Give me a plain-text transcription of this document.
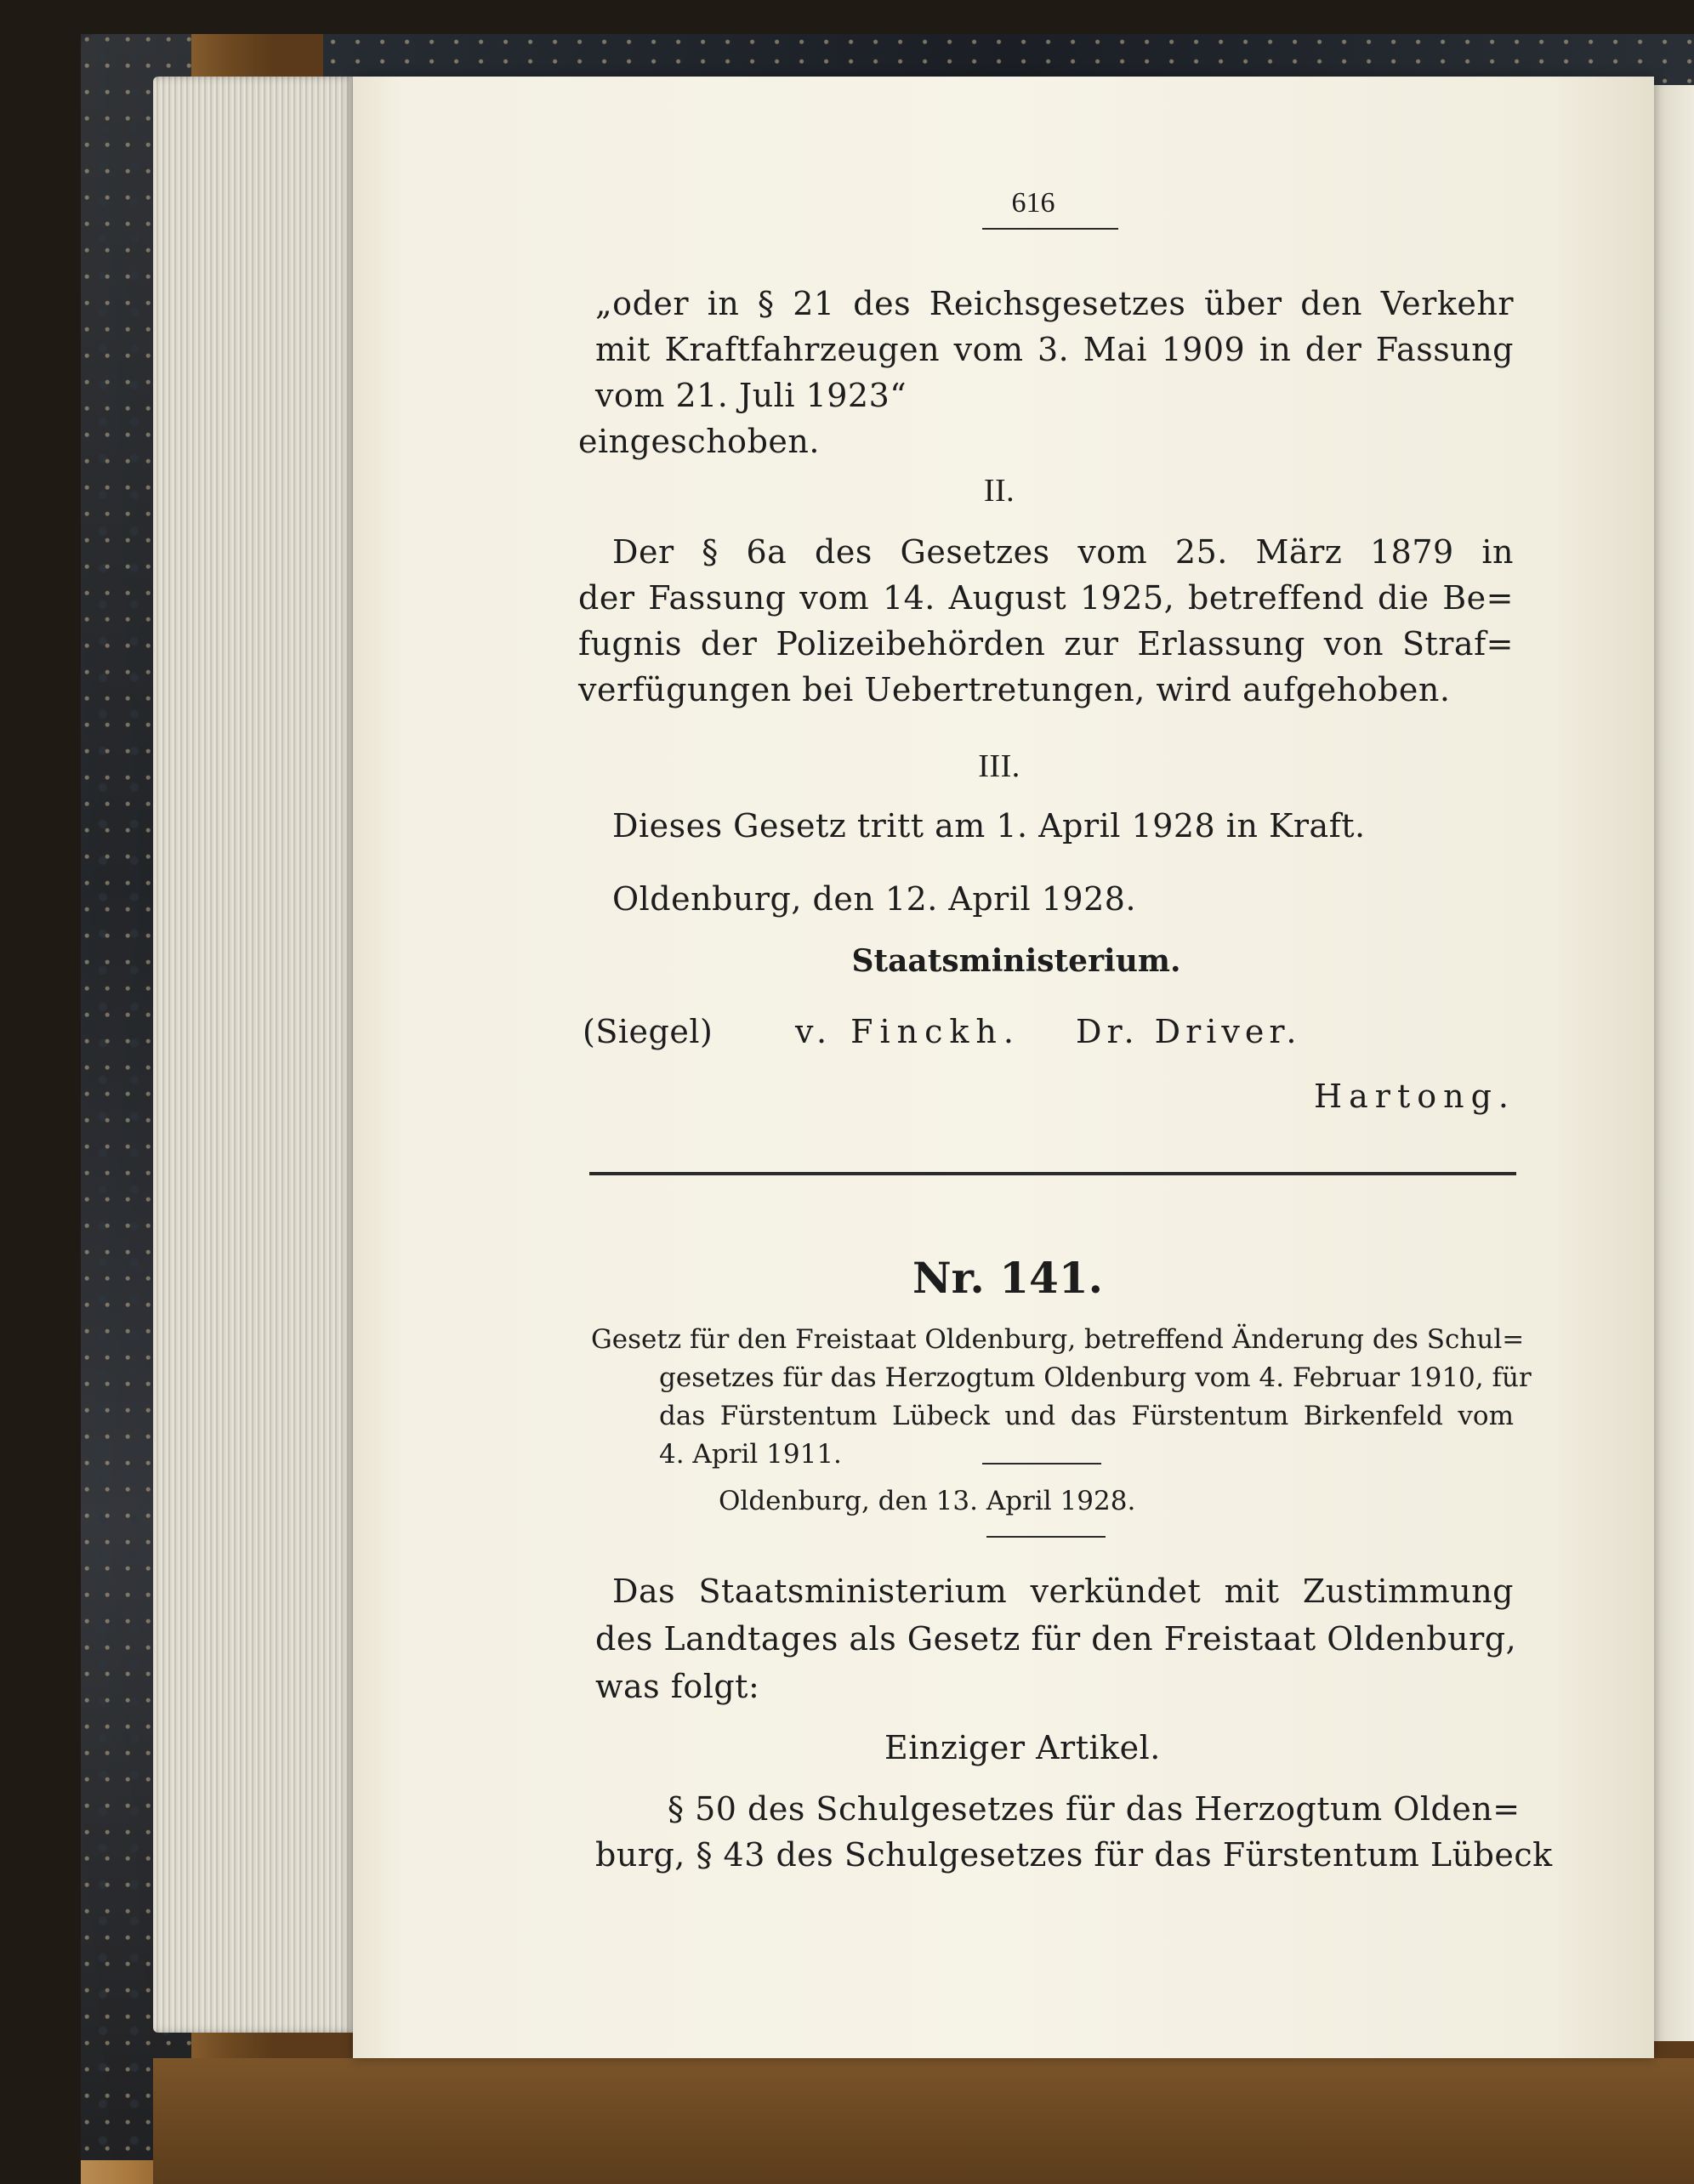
616
„oder in § 21 des Reichsgesetzes über den Verkehr
mit Kraftfahrzeugen vom 3. Mai 1909 in der Fassung
vom 21. Juli 1923“
eingeschoben.
II.
Der § 6a des Gesetzes vom 25. März 1879 in
der Fassung vom 14. August 1925, betreffend die Be=
fugnis der Polizeibehörden zur Erlassung von Straf=
verfügungen bei Uebertretungen, wird aufgehoben.
III.
Dieses Gesetz tritt am 1. April 1928 in Kraft.
Oldenburg, den 12. April 1928.
Staatsministerium.
(Siegel)	v. Finckh. Dr. Driver.
Hartong.
Nr. 141.
Gesetz für den Freistaat Oldenburg, betreffend Änderung des Schul=
gesetzes für das Herzogtum Oldenburg vom 4. Februar 1910, für
das Fürstentum Lübeck und das Fürstentum Birkenfeld vom
4. April 1911.
Oldenburg, den 13. April 1928.
Das Staatsministerium verkündet mit Zustimmung
des Landtages als Gesetz für den Freistaat Oldenburg,
was folgt:
Einziger Artikel.
§ 50 des Schulgesetzes für das Herzogtum Olden=
burg, § 43 des Schulgesetzes für das Fürstentum Lübeck
